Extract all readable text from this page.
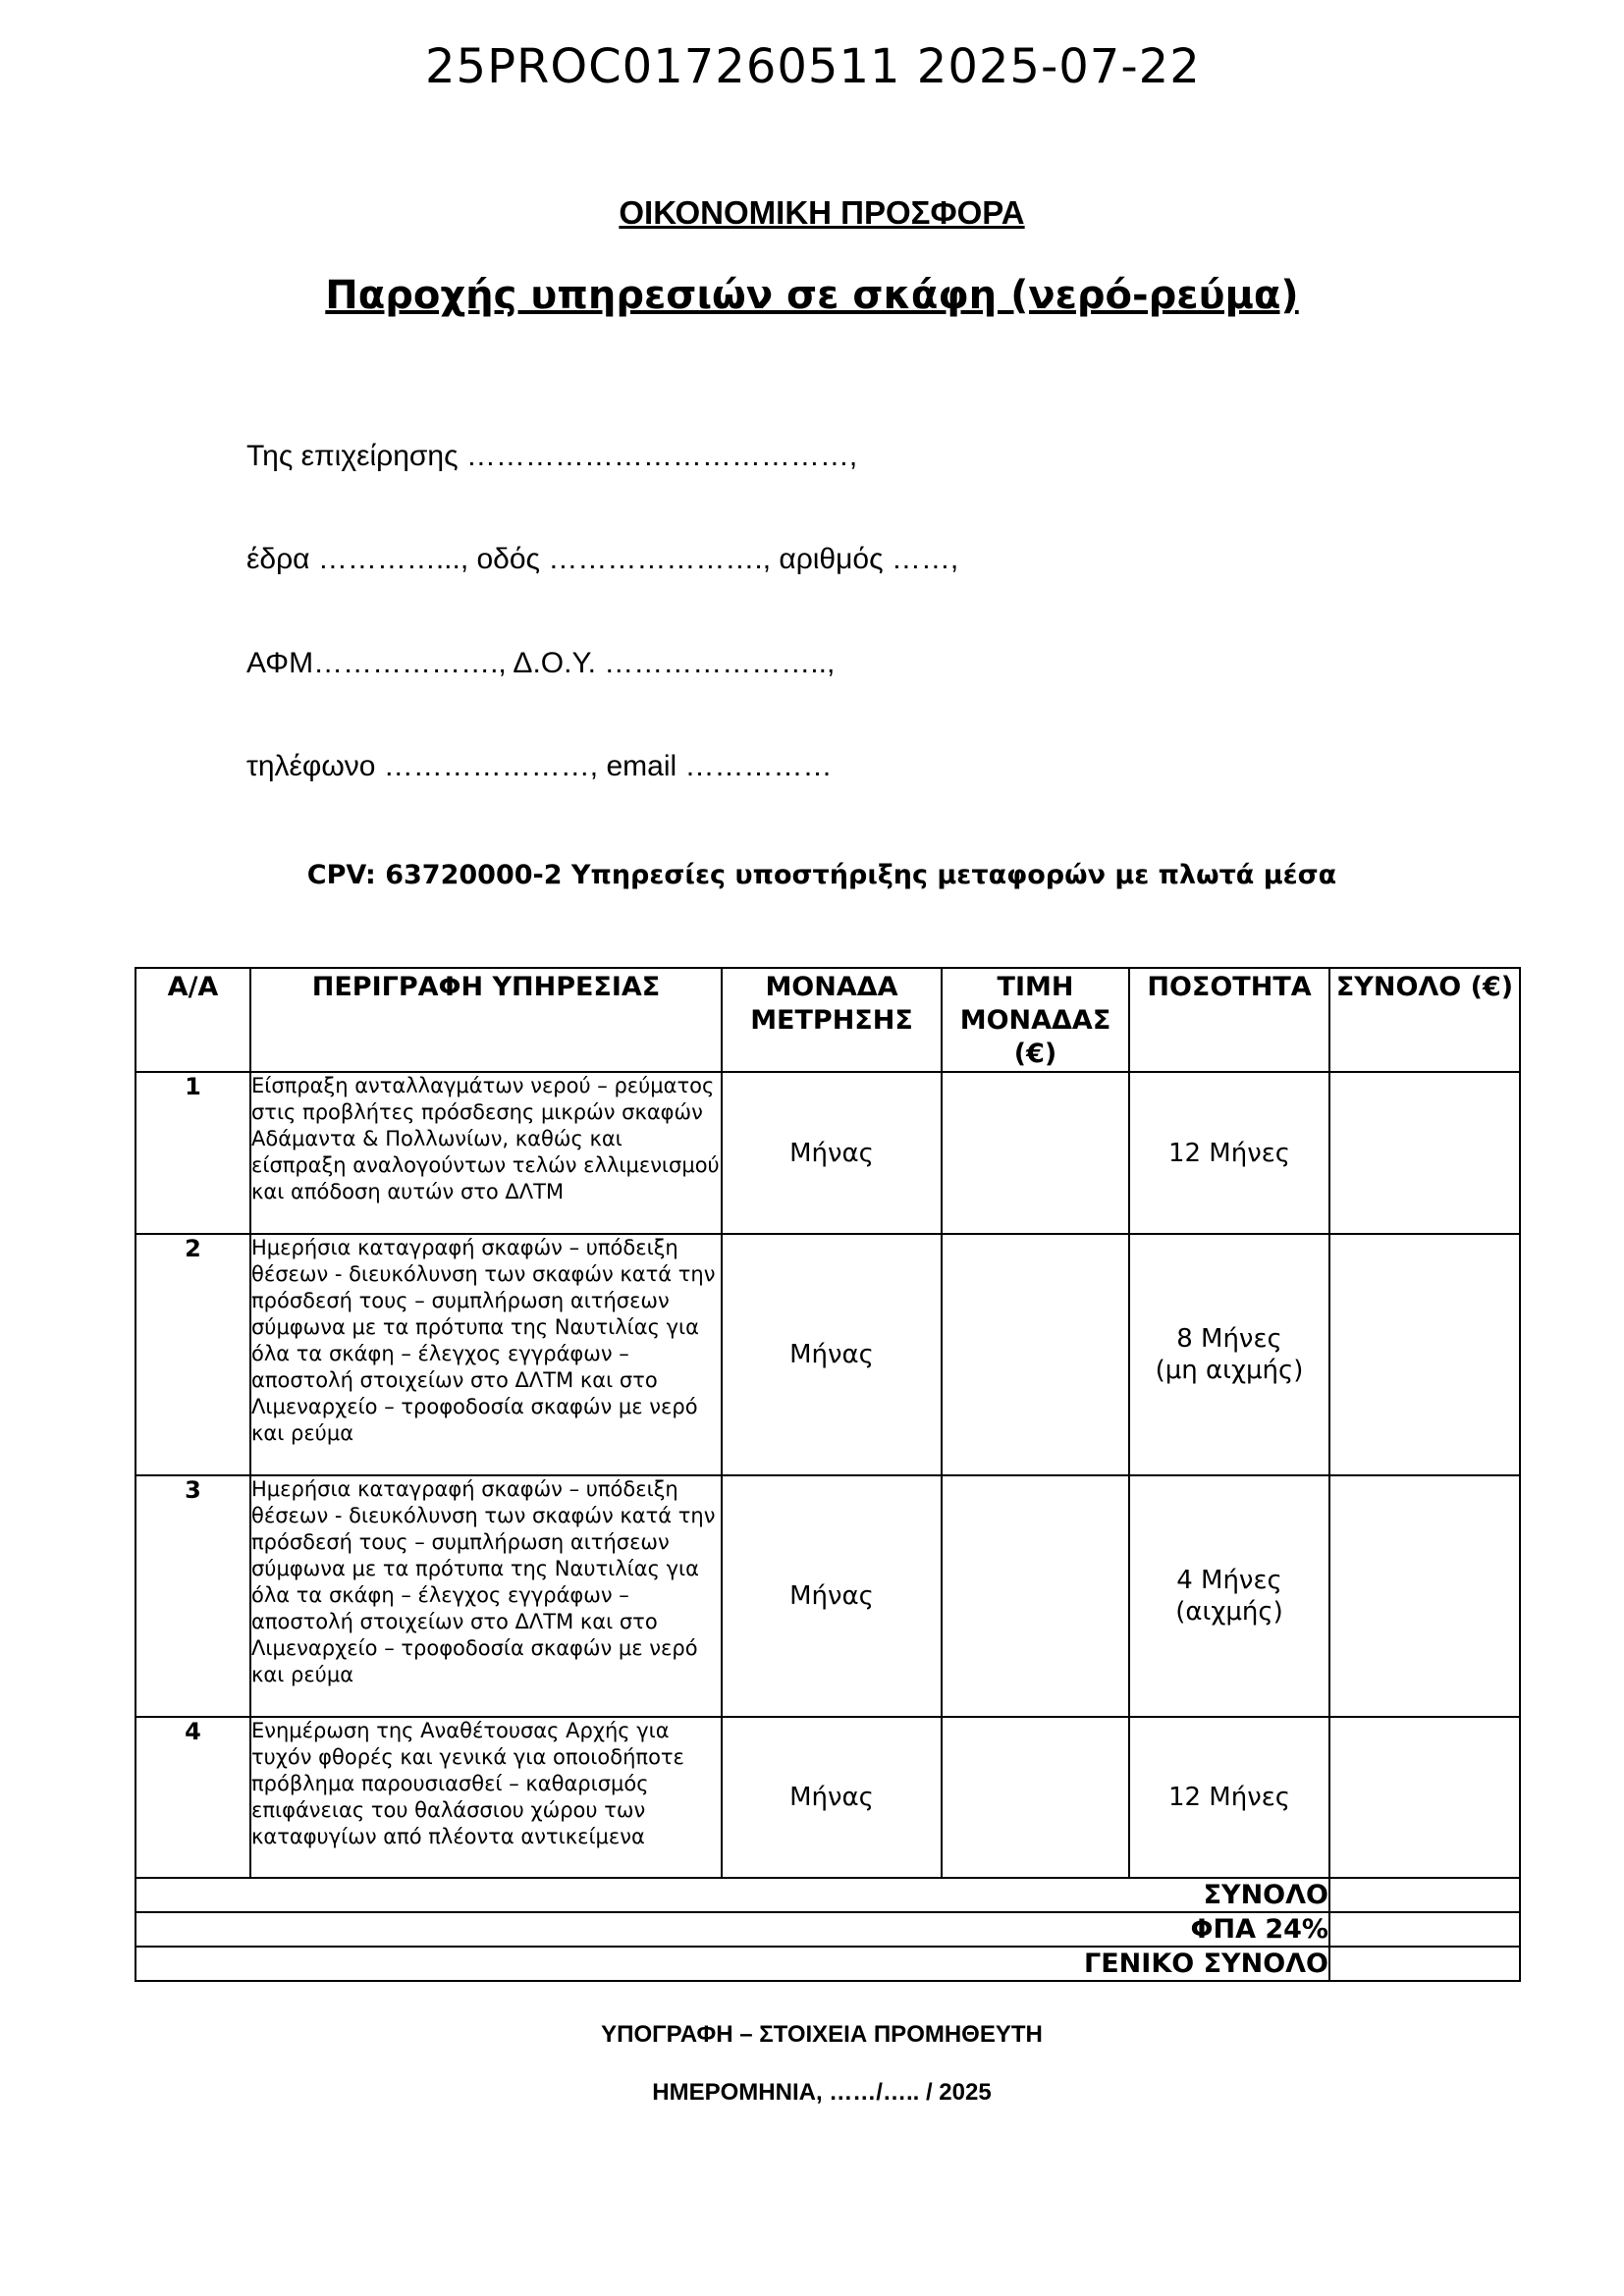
25PROC017260511 2025-07-22
ΟΙΚΟΝΟΜΙΚΗ ΠΡΟΣΦΟΡΑ
Παροχής υπηρεσιών σε σκάφη (νερό-ρεύμα)
Της επιχείρησης …………………………………,
έδρα …………..., οδός …………………., αριθμός ……,
ΑΦΜ………………., Δ.Ο.Υ. …………………..,
τηλέφωνο …………………, email ……………
CPV: 63720000-2 Υπηρεσίες υποστήριξης μεταφορών με πλωτά μέσα
Α/Α	ΠΕΡΙΓΡΑΦΗ ΥΠΗΡΕΣΙΑΣ	ΜΟΝΑΔΑ ΜΕΤΡΗΣΗΣ	ΤΙΜΗ ΜΟΝΑΔΑΣ (€)	ΠΟΣΟΤΗΤΑ	ΣΥΝΟΛΟ (€)
1	Είσπραξη ανταλλαγμάτων νερού – ρεύματος στις προβλήτες πρόσδεσης μικρών σκαφών Αδάμαντα & Πολλωνίων, καθώς και είσπραξη αναλογούντων τελών ελλιμενισμού και απόδοση αυτών στο ΔΛΤΜ	Μήνας		12 Μήνες	
2	Ημερήσια καταγραφή σκαφών – υπόδειξη θέσεων - διευκόλυνση των σκαφών κατά την πρόσδεσή τους – συμπλήρωση αιτήσεων σύμφωνα με τα πρότυπα της Ναυτιλίας για όλα τα σκάφη – έλεγχος εγγράφων – αποστολή στοιχείων στο ΔΛΤΜ και στο Λιμεναρχείο – τροφοδοσία σκαφών με νερό και ρεύμα	Μήνας		8 Μήνες
(μη αιχμής)	
3	Ημερήσια καταγραφή σκαφών – υπόδειξη θέσεων - διευκόλυνση των σκαφών κατά την πρόσδεσή τους – συμπλήρωση αιτήσεων σύμφωνα με τα πρότυπα της Ναυτιλίας για όλα τα σκάφη – έλεγχος εγγράφων – αποστολή στοιχείων στο ΔΛΤΜ και στο Λιμεναρχείο – τροφοδοσία σκαφών με νερό και ρεύμα	Μήνας		4 Μήνες
(αιχμής)	
4	Ενημέρωση της Αναθέτουσας Αρχής για τυχόν φθορές και γενικά για οποιοδήποτε πρόβλημα παρουσιασθεί – καθαρισμός επιφάνειας του θαλάσσιου χώρου των καταφυγίων από πλέοντα αντικείμενα	Μήνας		12 Μήνες	
ΣΥΝΟΛΟ					
ΦΠΑ 24%					
ΓΕΝΙΚΟ ΣΥΝΟΛΟ					
ΥΠΟΓΡΑΦΗ – ΣΤΟΙΧΕΙΑ ΠΡΟΜΗΘΕΥΤΗ
ΗΜΕΡΟΜΗΝΙΑ, ……/….. / 2025
